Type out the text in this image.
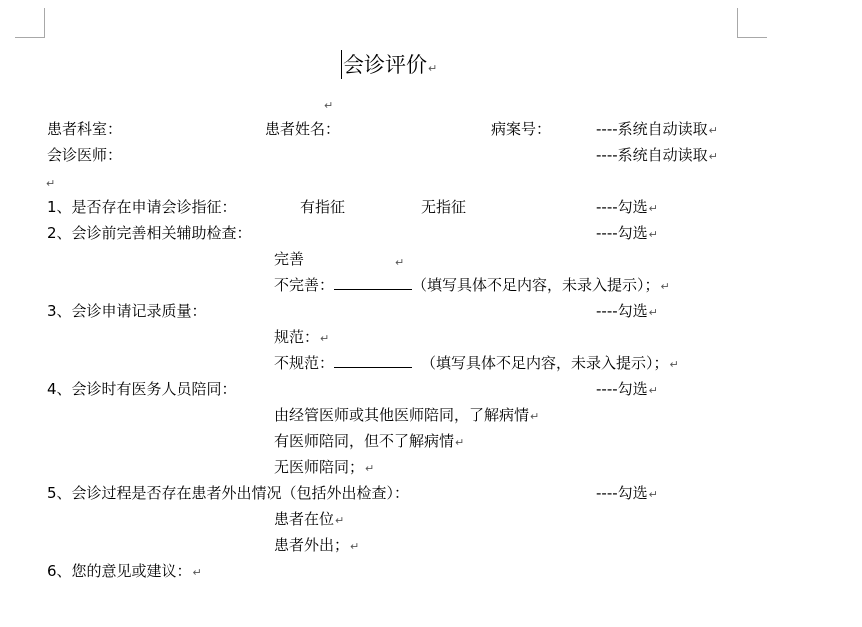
会诊评价↵
↵
患者科室：	患者姓名：	病案号：	----系统自动读取↵
会诊医师：	----系统自动读取↵
↵
1、是否存在申请会诊指征：	有指征	无指征	----勾选↵
2、会诊前完善相关辅助检查：	----勾选↵
完善	↵
不完善：	（填写具体不足内容，未录入提示）；↵
3、会诊申请记录质量：	----勾选↵
规范：↵
不规范：	（填写具体不足内容，未录入提示）；↵
4、会诊时有医务人员陪同：	----勾选↵
由经管医师或其他医师陪同，了解病情↵
有医师陪同，但不了解病情↵
无医师陪同；↵
5、会诊过程是否存在患者外出情况（包括外出检查）：	----勾选↵
患者在位↵
患者外出；↵
6、您的意见或建议：↵
